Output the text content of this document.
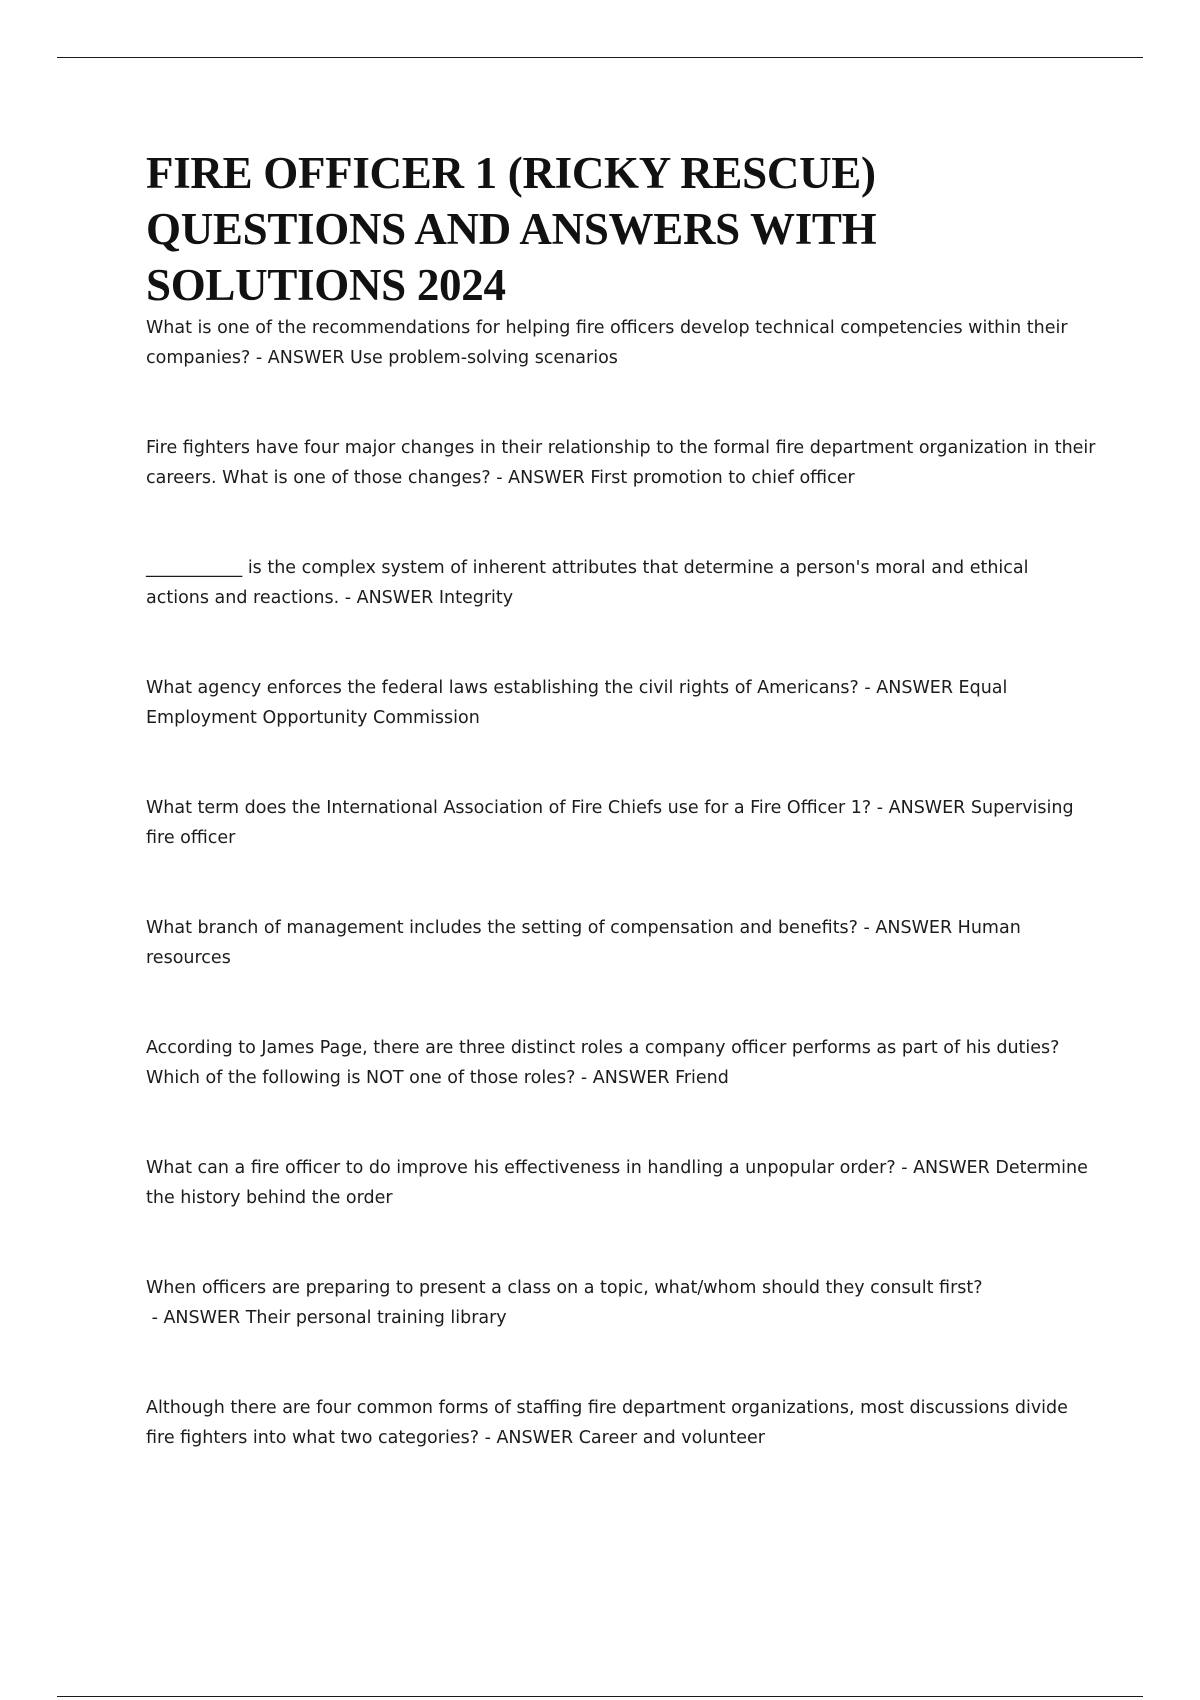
FIRE OFFICER 1 (RICKY RESCUE) QUESTIONS AND ANSWERS WITH SOLUTIONS 2024
What is one of the recommendations for helping fire officers develop technical competencies within their companies? - ANSWER Use problem-solving scenarios
Fire fighters have four major changes in their relationship to the formal fire department organization in their careers. What is one of those changes? - ANSWER First promotion to chief officer
___________ is the complex system of inherent attributes that determine a person's moral and ethical actions and reactions. - ANSWER Integrity
What agency enforces the federal laws establishing the civil rights of Americans? - ANSWER Equal Employment Opportunity Commission
What term does the International Association of Fire Chiefs use for a Fire Officer 1? - ANSWER Supervising fire officer
What branch of management includes the setting of compensation and benefits? - ANSWER Human resources
According to James Page, there are three distinct roles a company officer performs as part of his duties? Which of the following is NOT one of those roles? - ANSWER Friend
What can a fire officer to do improve his effectiveness in handling a unpopular order? - ANSWER Determine the history behind the order
When officers are preparing to present a class on a topic, what/whom should they consult first? - ANSWER Their personal training library
Although there are four common forms of staffing fire department organizations, most discussions divide fire fighters into what two categories? - ANSWER Career and volunteer
